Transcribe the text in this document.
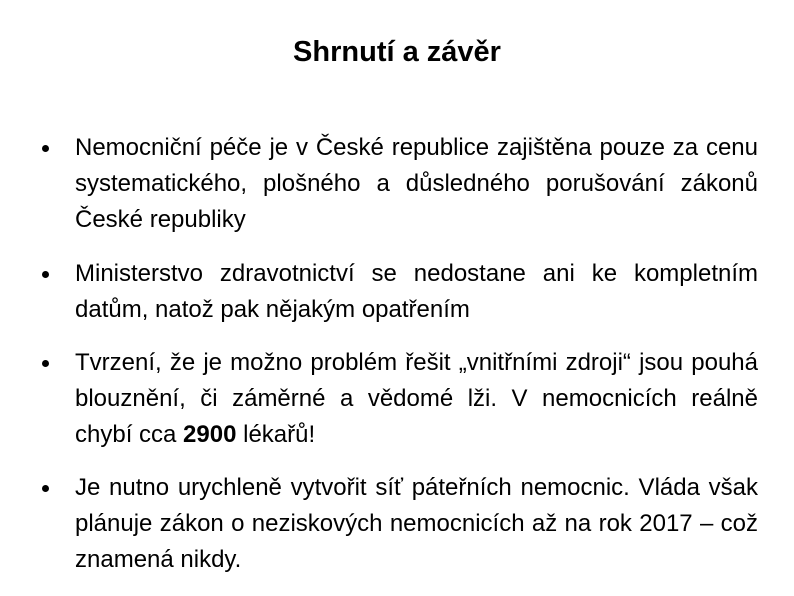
Shrnutí a závěr
Nemocniční péče je v České republice zajištěna pouze za cenu systematického, plošného a důsledného porušování zákonů České republiky
Ministerstvo zdravotnictví se nedostane ani ke kompletním datům, natož pak nějakým opatřením
Tvrzení, že je možno problém řešit „vnitřními zdroji“ jsou pouhá blouznění, či záměrné a vědomé lži. V nemocnicích reálně chybí cca 2900 lékařů!
Je nutno urychleně vytvořit síť páteřních nemocnic. Vláda však plánuje zákon o neziskových nemocnicích až na rok 2017 – což znamená nikdy.
